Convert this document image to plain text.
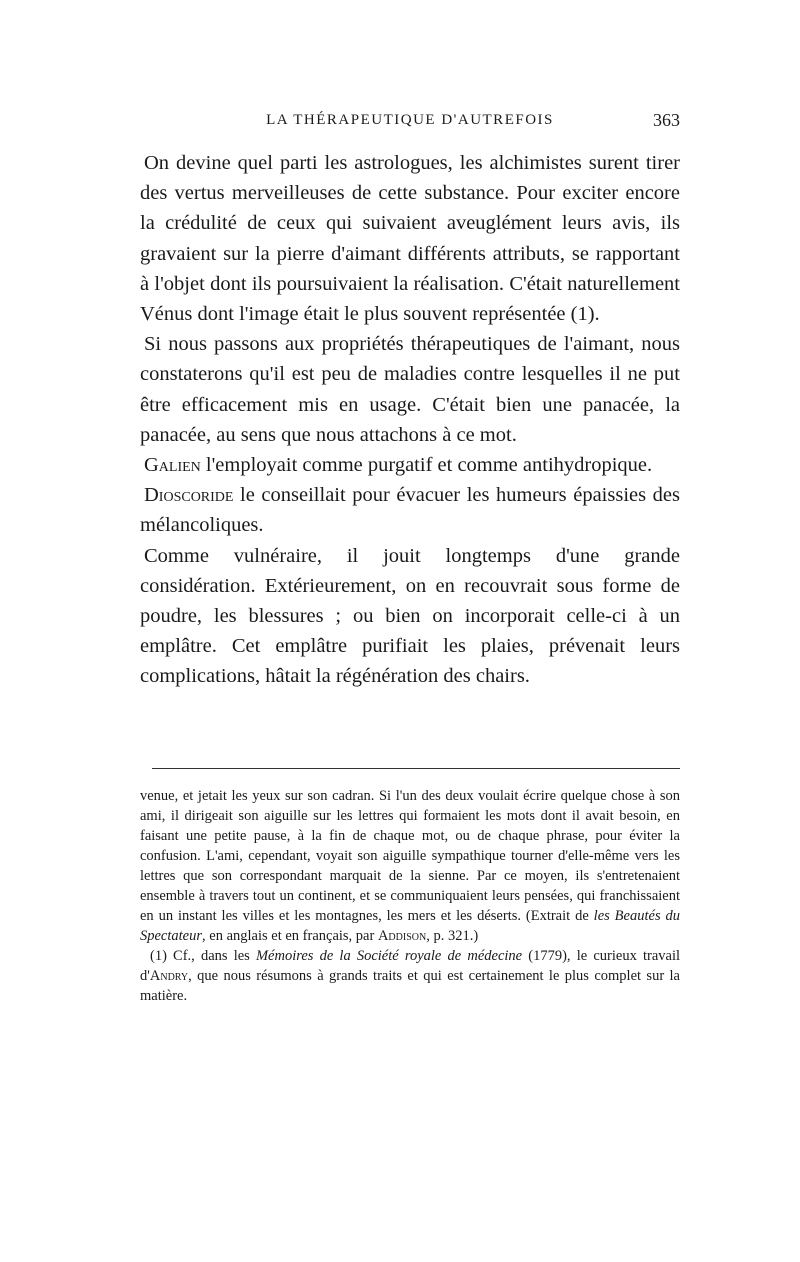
LA THÉRAPEUTIQUE D'AUTREFOIS	363

On devine quel parti les astrologues, les alchimistes surent tirer des vertus merveilleuses de cette substance. Pour exciter encore la crédulité de ceux qui suivaient aveuglément leurs avis, ils gravaient sur la pierre d'aimant différents attributs, se rapportant à l'objet dont ils poursuivaient la réalisation. C'était naturellement Vénus dont l'image était le plus souvent représentée (1).

Si nous passons aux propriétés thérapeutiques de l'aimant, nous constaterons qu'il est peu de maladies contre lesquelles il ne put être efficacement mis en usage. C'était bien une panacée, la panacée, au sens que nous attachons à ce mot.

Galien l'employait comme purgatif et comme antihydropique.

Dioscoride le conseillait pour évacuer les humeurs épaissies des mélancoliques.

Comme vulnéraire, il jouit longtemps d'une grande considération. Extérieurement, on en recouvrait sous forme de poudre, les blessures ; ou bien on incorporait celle-ci à un emplâtre. Cet emplâtre purifiait les plaies, prévenait leurs complications, hâtait la régénération des chairs.

venue, et jetait les yeux sur son cadran. Si l'un des deux voulait écrire quelque chose à son ami, il dirigeait son aiguille sur les lettres qui formaient les mots dont il avait besoin, en faisant une petite pause, à la fin de chaque mot, ou de chaque phrase, pour éviter la confusion. L'ami, cependant, voyait son aiguille sympathique tourner d'elle-même vers les lettres que son correspondant marquait de la sienne. Par ce moyen, ils s'entretenaient ensemble à travers tout un continent, et se communiquaient leurs pensées, qui franchissaient en un instant les villes et les montagnes, les mers et les déserts. (Extrait de les Beautés du Spectateur, en anglais et en français, par Addison, p. 321.)

(1) Cf., dans les Mémoires de la Société royale de médecine (1779), le curieux travail d'Andry, que nous résumons à grands traits et qui est certainement le plus complet sur la matière.
